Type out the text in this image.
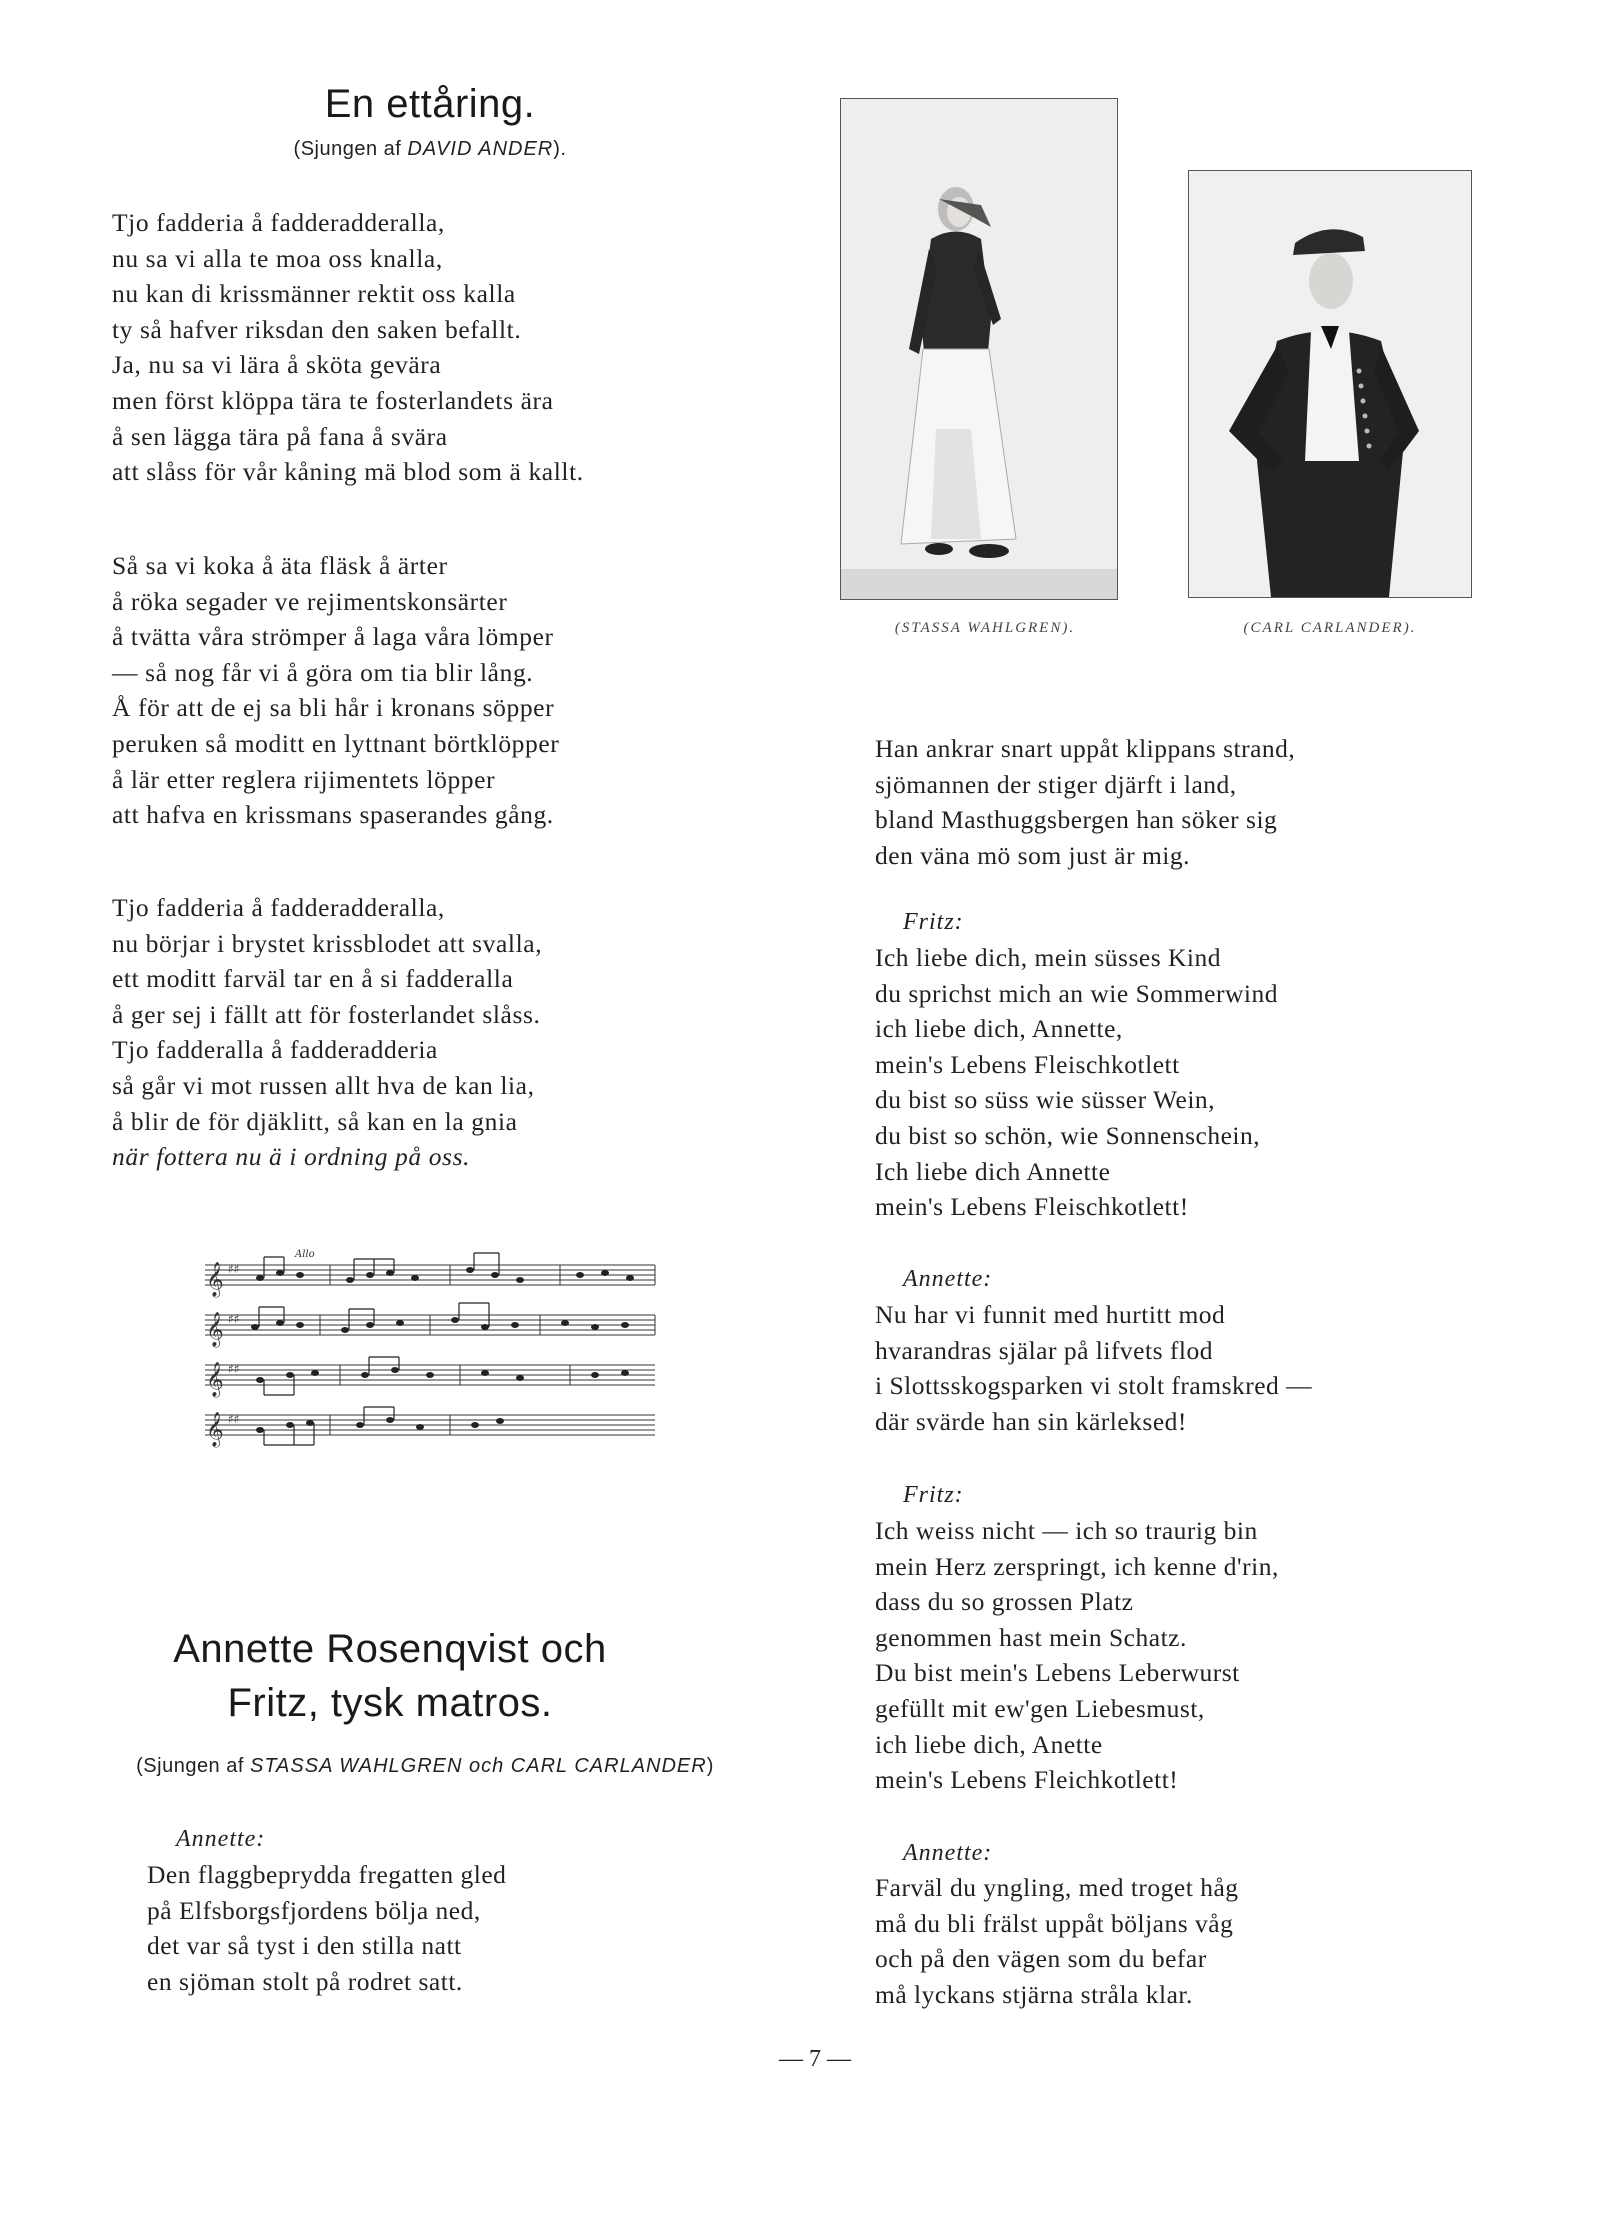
En ettåring.
(Sjungen af DAVID ANDER).
Tjo fadderia å fadderadderalla,
nu sa vi alla te moa oss knalla,
nu kan di krissmänner rektit oss kalla
ty så hafver riksdan den saken befallt.
Ja, nu sa vi lära å sköta gevära
men först klöppa tära te fosterlandets ära
å sen lägga tära på fana å svära
att slåss för vår kåning mä blod som ä kallt.
Så sa vi koka å äta fläsk å ärter
å röka segader ve rejimentskonsärter
å tvätta våra strömper å laga våra lömper
— så nog får vi å göra om tia blir lång.
Å för att de ej sa bli hår i kronans söpper
peruken så moditt en lyttnant börtklöpper
å lär etter reglera rijimentets löpper
att hafva en krissmans spaserandes gång.
Tjo fadderia å fadderadderalla,
nu börjar i brystet krissblodet att svalla,
ett moditt farväl tar en å si fadderalla
å ger sej i fällt att för fosterlandet slåss.
Tjo fadderalla å fadderadderia
så går vi mot russen allt hva de kan lia,
å blir de för djäklitt, så kan en la gnia
när fottera nu ä i ordning på oss.
𝄞
𝄞
𝄞
𝄞
♯♯
♯♯
♯♯
♯♯
Allo
Annette Rosenqvist och
Fritz, tysk matros.
(Sjungen af STASSA WAHLGREN och CARL CARLANDER)
Annette:
Den flaggbeprydda fregatten gled
på Elfsborgsfjordens bölja ned,
det var så tyst i den stilla natt
en sjöman stolt på rodret satt.
(STASSA WAHLGREN).	(CARL CARLANDER).
Han ankrar snart uppåt klippans strand,
sjömannen der stiger djärft i land,
bland Masthuggsbergen han söker sig
den väna mö som just är mig.
Fritz:
Ich liebe dich, mein süsses Kind
du sprichst mich an wie Sommerwind
ich liebe dich, Annette,
mein's Lebens Fleischkotlett
du bist so süss wie süsser Wein,
du bist so schön, wie Sonnenschein,
Ich liebe dich Annette
mein's Lebens Fleischkotlett!
Annette:
Nu har vi funnit med hurtitt mod
hvarandras själar på lifvets flod
i Slottsskogsparken vi stolt framskred —
där svärde han sin kärleksed!
Fritz:
Ich weiss nicht — ich so traurig bin
mein Herz zerspringt, ich kenne d'rin,
dass du so grossen Platz
genommen hast mein Schatz.
Du bist mein's Lebens Leberwurst
gefüllt mit ew'gen Liebesmust,
ich liebe dich, Anette
mein's Lebens Fleichkotlett!
Annette:
Farväl du yngling, med troget håg
må du bli frälst uppåt böljans våg
och på den vägen som du befar
må lyckans stjärna stråla klar.
— 7 —
